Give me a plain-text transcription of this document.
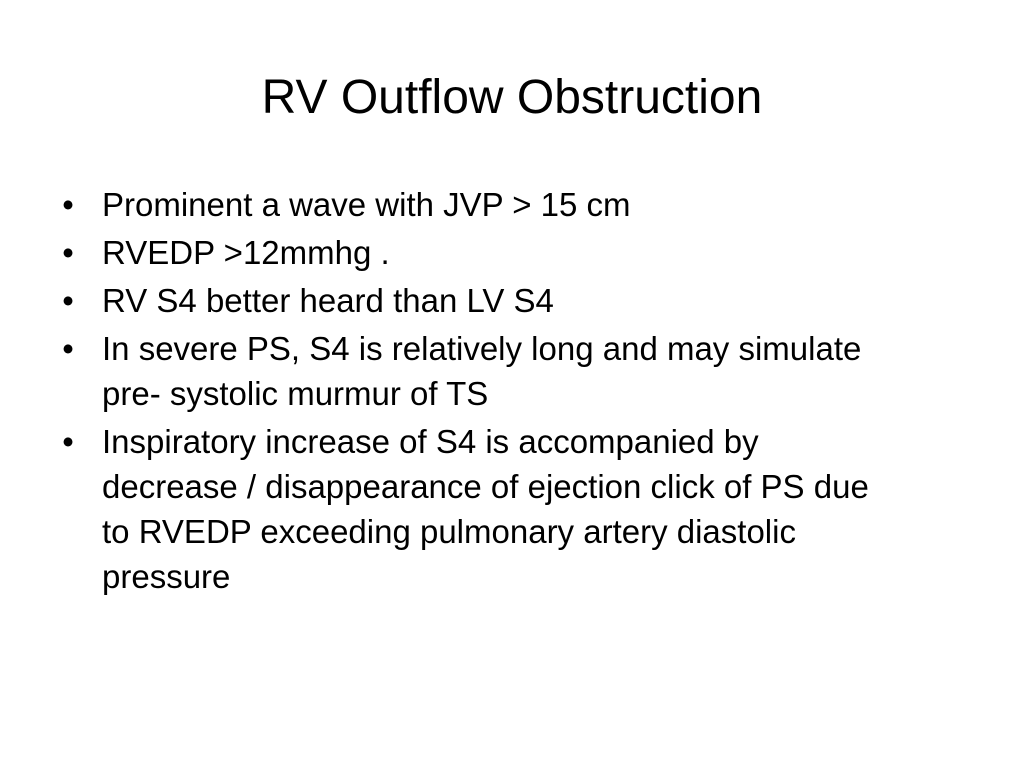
RV Outflow Obstruction
• Prominent a wave with JVP > 15 cm
• RVEDP >12mmhg .
• RV S4 better heard than LV S4
• In severe PS, S4 is relatively long and may simulate pre- systolic murmur of TS
• Inspiratory increase of S4 is accompanied by decrease / disappearance of ejection click of PS due to RVEDP exceeding pulmonary artery diastolic pressure
